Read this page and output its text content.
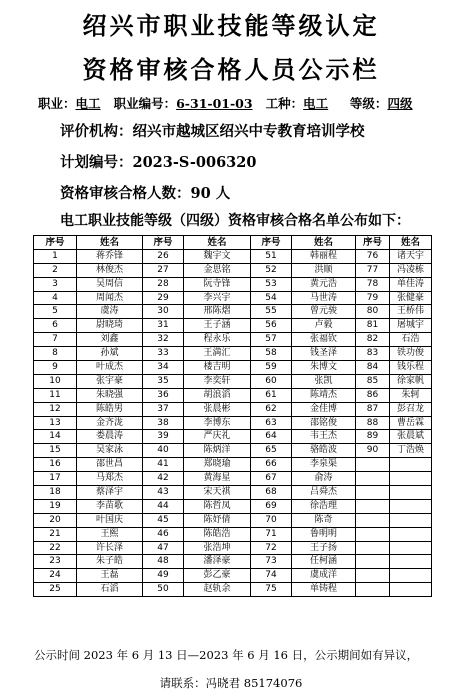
绍兴市职业技能等级认定
资格审核合格人员公示栏
职业：电工 职业编号：6-31-01-03 工种：电工 等级：四级
评价机构：绍兴市越城区绍兴中专教育培训学校
计划编号：2023-S-006320
资格审核合格人数：90 人
电工职业技能等级（四级）资格审核合格名单公布如下：
序号	姓名	序号	姓名	序号	姓名	序号	姓名
1	蒋乔锋	26	魏宇文	51	韩丽程	76	诸天宇
2	林俊杰	27	金思铭	52	洪顺	77	冯凌栋
3	吴周信	28	阮寺锋	53	黄元浩	78	单佳涛
4	周闻杰	29	李兴宇	54	马世涛	79	张健豪
5	虞涛	30	邢陈熠	55	曾元骏	80	王桥伟
6	尉晓琦	31	王子涵	56	卢毅	81	屠城宇
7	刘鑫	32	程永乐	57	张福钦	82	石浩
8	孙斌	33	王満汇	58	钱圣泽	83	铁功俊
9	叶成杰	34	楼吉明	59	朱博文	84	钱乐程
10	张宇豪	35	李奕轩	60	张凯	85	徐家帆
11	朱晓强	36	胡浪滔	61	陈靖杰	86	朱轲
12	陈皓男	37	张晨彬	62	金佳博	87	彭召龙
13	金齐泷	38	李博东	63	邵铭俊	88	曹岳霖
14	娄晨涛	39	严庆礼	64	韦王杰	89	张晨斌
15	吴家泳	40	陈炳洋	65	骆皓波	90	丁浩焕
16	邵世昌	41	郑晓瑜	66	李泉渠		
17	马郑杰	42	黄海星	67	俞涛		
18	蔡泽宇	43	宋天祺	68	吕舜杰		
19	李苗歌	44	陈哲凤	69	徐浩理		
20	叶国庆	45	陈妤倩	70	陈奇		
21	王熙	46	陈皓浩	71	鲁明明		
22	许长泽	47	张浩坤	72	王子扬		
23	朱子皓	48	潘泽豪	73	任柯涵		
24	王磊	49	彭乙豪	74	虞成洋		
25	石滔	50	赵轨余	75	单铸程		
公示时间 2023 年 6 月 13 日—2023 年 6 月 16 日，公示期间如有异议，
请联系：冯晓君 85174076
